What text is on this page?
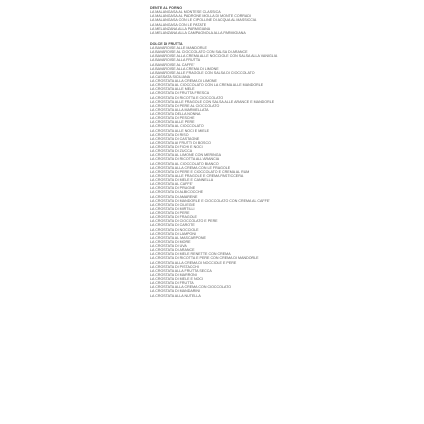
DENTE AL FORNO
LA MALANGASA AL MONTESE CLASSICA
LA MALANGASA AL PADRONE MOLLA DI MONTE CORRADI
LA MALANGASA CON LE CIPOLLINE DI ACQUA AL MASSICCIA
LA MALANGASA CON LE PATATE
LA MELANZANA ALLA PARMIGIANA
LA MELANZANA ALLA CAMPAGNOLA ALLA PARMIGIANA
DOLCE DI FRUTTA
LA BAVAROISE ALLE MANDORLE
LA BAVAROISE AL CIOCCOLATO CON SALSA DI ARANCE
LA BAVAROISE ALLA CREMA ALLE NOCCIOLE CON SALSA ALLA VANIGLIA
LA BAVAROISE ALLA FRUTTA
LA BAVAROISE AL CAFFE'
LA BAVAROISE ALLA CREMA DI LIMONE
LA BAVAROISE ALLE FRAGOLE CON SALSA DI CIOCCOLATO
LA CASSATA SICILIANA
LA CROSTATA ALLA CREMA DI LIMONE
LA CROSTATA AL CIOCCOLATO CON LA CREMA ALLE MANDORLE
LA CROSTATA ALLE MELE
LA CROSTATA DI FRUTTA FRESCA
LA CROSTATA DI RICOTTA E CIOCCOLATO
LA CROSTATA ALLE FRAGOLE CON SALSA ALLE ARANCE E MANDORLE
LA CROSTATA DI PERE AL CIOCCOLATO
LA CROSTATA ALLA MARMELLATA
LA CROSTATA DELLA NONNA
LA CROSTATA DI PESCHE
LA CROSTATA ALLE PERE
LA CROSTATA AL CIOCCOLATO
LA CROSTATA ALLE NOCI E MIELE
LA CROSTATA DI RISO
LA CROSTATA DI CASTAGNE
LA CROSTATA AI FRUTTI DI BOSCO
LA CROSTATA DI FICHI E NOCI
LA CROSTATA DI ZUCCA
LA CROSTATA AL LIMONE CON MERINGA
LA CROSTATA DI RICOTTA ALL'ARANCIA
LA CROSTATA AL CIOCCOLATO BIANCO
LA CROSTATA ALLA CREMA CON LE FRAGOLE
LA CROSTATA DI PERE E CIOCCOLATO E CREMA AL RUM
LA CROSTATA ALLE FRAGOLE E CREMA PASTICCERA
LA CROSTATA DI MELE E CANNELLA
LA CROSTATA AL CAFFE'
LA CROSTATA DI PRUGNE
LA CROSTATA DI ALBICOCCHE
LA CROSTATA DI AMARENE
LA CROSTATA DI MANDORLE E CIOCCOLATO CON CREMA AL CAFFE'
LA CROSTATA DI CILIEGIE
LA CROSTATA DI MIRTILLI
LA CROSTATA DI PERE
LA CROSTATA DI FRAGOLE
LA CROSTATA DI CIOCCOLATO E PERE
LA CROSTATA DI CAROTE
LA CROSTATA DI NOCCIOLE
LA CROSTATA DI LAMPONI
LA CROSTATA AL MASCARPONE
LA CROSTATA DI MORE
LA CROSTATA DI UVA
LA CROSTATA DI ARANCE
LA CROSTATA DI MELE RENETTE CON CREMA
LA CROSTATA DI RICOTTA E PERE CON CREMA DI MANDORLE
LA CROSTATA ALLA CREMA DI NOCCIOLE E PERE
LA CROSTATA DI PISTACCHI
LA CROSTATA ALLA FRUTTA SECCA
LA CROSTATA DI MARRONI
LA CROSTATA DI MELE E NOCI
LA CROSTATA DI FRUTTA
LA CROSTATA ALLA CREMA CON CIOCCOLATO
LA CROSTATA DI MANDARINI
LA CROSTATA ALLA NUTELLA
